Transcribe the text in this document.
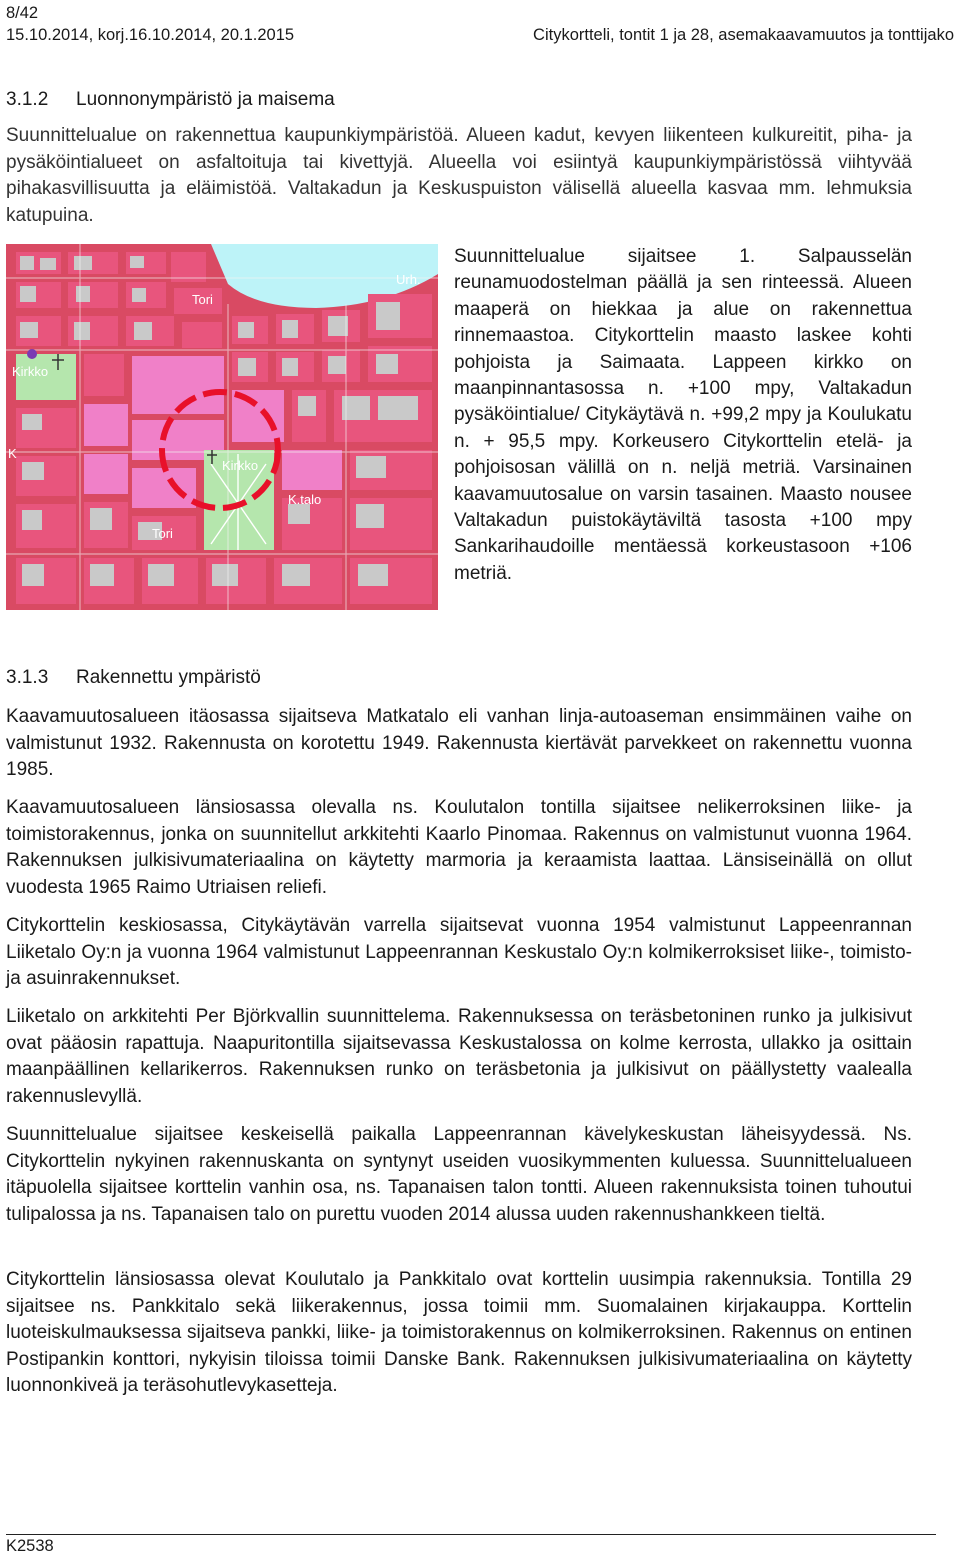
8/42
15.10.2014, korj.16.10.2014, 20.1.2015	Citykortteli, tontit 1 ja 28, asemakaavamuutos ja tonttijako
3.1.2 Luonnonympäristö ja maisema
Suunnittelualue on rakennettua kaupunkiympäristöä. Alueen kadut, kevyen liikenteen kulkureitit, piha- ja pysäköintialueet on asfaltoituja tai kivettyjä. Alueella voi esiintyä kaupunkiympäristössä viihtyvää pihakasvillisuutta ja eläimistöä. Valtakadun ja Keskuspuiston välisellä alueella kasvaa mm. lehmuksia katupuina.
Tori
Urh.
Kirkko
K
Kirkko
K.talo
Tori
Suunnittelualue sijaitsee 1. Salpausselän reunamuodostelman päällä ja sen rinteessä. Alueen maaperä on hiekkaa ja alue on rakennettua rinnemaastoa. Citykorttelin maasto laskee kohti pohjoista ja Saimaata. Lappeen kirkko on maanpinnantasossa n. +100 mpy, Valtakadun pysäköintialue/ Citykäytävä n. +99,2 mpy ja Koulukatu n. + 95,5 mpy. Korkeusero Citykorttelin etelä- ja pohjoisosan välillä on n. neljä metriä. Varsinainen kaavamuutosalue on varsin tasainen. Maasto nousee Valtakadun puistokäytäviltä tasosta +100 mpy Sankarihaudoille mentäessä korkeustasoon +106 metriä.
3.1.3 Rakennettu ympäristö
Kaavamuutosalueen itäosassa sijaitseva Matkatalo eli vanhan linja-autoaseman ensimmäinen vaihe on valmistunut 1932. Rakennusta on korotettu 1949. Rakennusta kiertävät parvekkeet on rakennettu vuonna 1985.
Kaavamuutosalueen länsiosassa olevalla ns. Koulutalon tontilla sijaitsee nelikerroksinen liike- ja toimistorakennus, jonka on suunnitellut arkkitehti Kaarlo Pinomaa. Rakennus on valmistunut vuonna 1964. Rakennuksen julkisivumateriaalina on käytetty marmoria ja keraamista laattaa. Länsiseinällä on ollut vuodesta 1965 Raimo Utriaisen reliefi.
Citykorttelin keskiosassa, Citykäytävän varrella sijaitsevat vuonna 1954 valmistunut Lappeenrannan Liiketalo Oy:n ja vuonna 1964 valmistunut Lappeenrannan Keskustalo Oy:n kolmikerroksiset liike-, toimisto- ja asuinrakennukset.
Liiketalo on arkkitehti Per Björkvallin suunnittelema. Rakennuksessa on teräsbetoninen runko ja julkisivut ovat pääosin rapattuja. Naapuritontilla sijaitsevassa Keskustalossa on kolme kerrosta, ullakko ja osittain maanpäällinen kellarikerros. Rakennuksen runko on teräsbetonia ja julkisivut on päällystetty vaalealla rakennuslevyllä.
Suunnittelualue sijaitsee keskeisellä paikalla Lappeenrannan kävelykeskustan läheisyydessä. Ns. Citykorttelin nykyinen rakennuskanta on syntynyt useiden vuosikymmenten kuluessa. Suunnittelualueen itäpuolella sijaitsee korttelin vanhin osa, ns. Tapanaisen talon tontti. Alueen rakennuksista toinen tuhoutui tulipalossa ja ns. Tapanaisen talo on purettu vuoden 2014 alussa uuden rakennushankkeen tieltä.
Citykorttelin länsiosassa olevat Koulutalo ja Pankkitalo ovat korttelin uusimpia rakennuksia. Tontilla 29 sijaitsee ns. Pankkitalo sekä liikerakennus, jossa toimii mm. Suomalainen kirjakauppa. Korttelin luoteiskulmauksessa sijaitseva pankki, liike- ja toimistorakennus on kolmikerroksinen. Rakennus on entinen Postipankin konttori, nykyisin tiloissa toimii Danske Bank. Rakennuksen julkisivumateriaalina on käytetty luonnonkiveä ja teräsohutlevykasetteja.
K2538
